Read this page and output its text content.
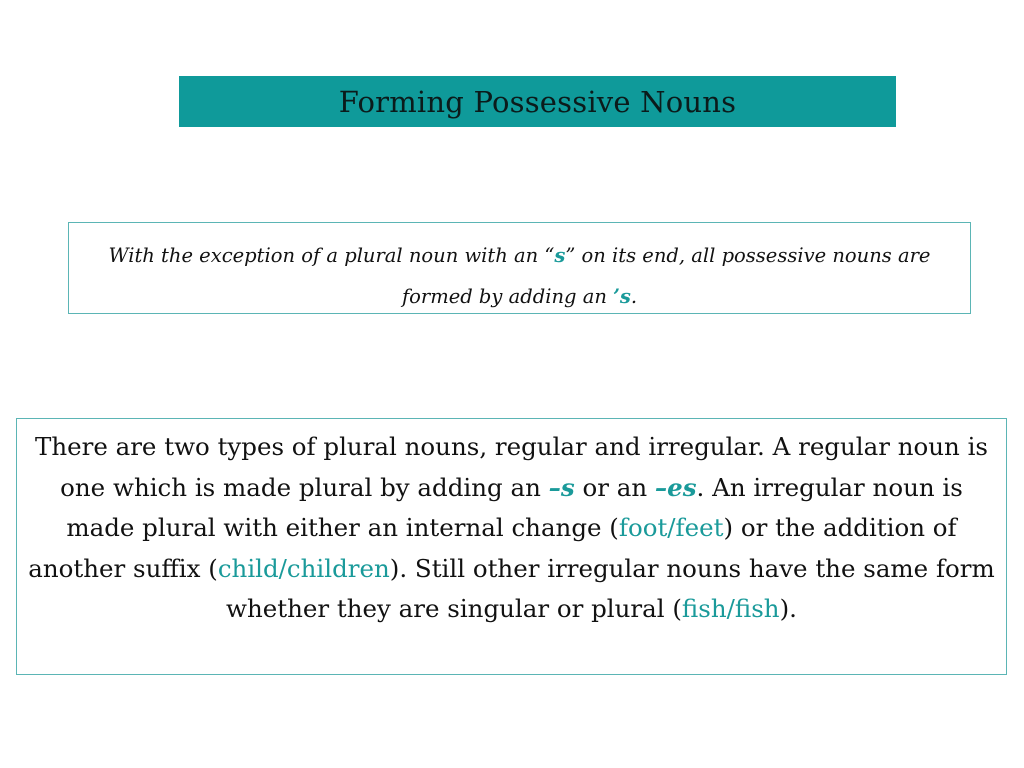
Forming Possessive Nouns
With the exception of a plural noun with an “s” on its end, all possessive nouns are formed by adding an ’s.
There are two types of plural nouns, regular and irregular. A regular noun is one which is made plural by adding an –s or an –es. An irregular noun is made plural with either an internal change (foot/feet) or the addition of another suffix (child/children). Still other irregular nouns have the same form whether they are singular or plural (fish/fish).
